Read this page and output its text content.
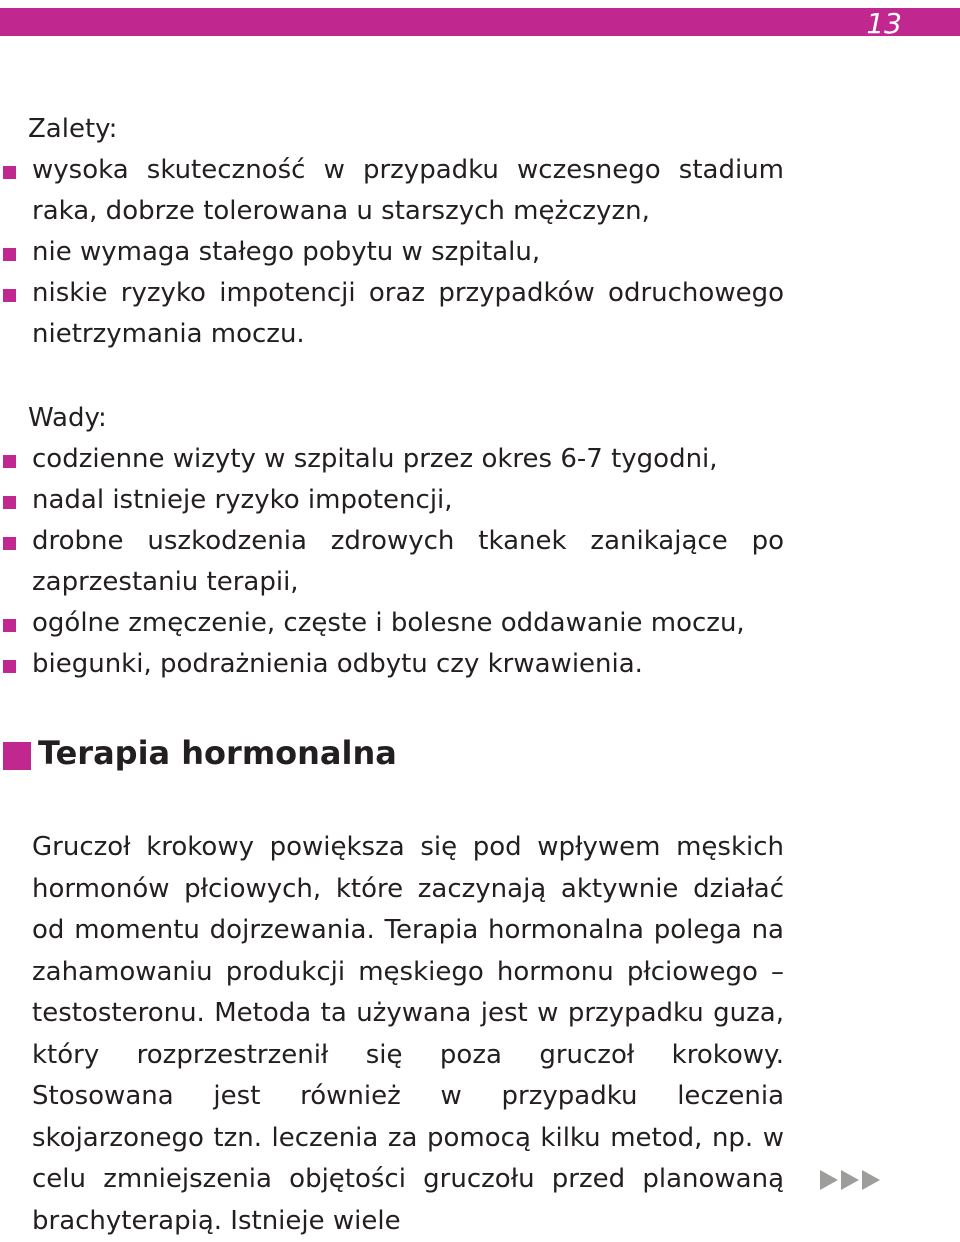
13
Zalety:
wysoka skuteczność w przypadku wczesnego stadium raka, dobrze tolerowana u starszych mężczyzn,
nie wymaga stałego pobytu w szpitalu,
niskie ryzyko impotencji oraz przypadków odruchowego nietrzymania moczu.
Wady:
codzienne wizyty w szpitalu przez okres 6-7 tygodni,
nadal istnieje ryzyko impotencji,
drobne uszkodzenia zdrowych tkanek zanikające po zaprzestaniu terapii,
ogólne zmęczenie, częste i bolesne oddawanie moczu,
biegunki, podrażnienia odbytu czy krwawienia.
Terapia hormonalna

Gruczoł krokowy powiększa się pod wpływem męskich hormonów płciowych, które zaczynają aktywnie działać od momentu dojrzewania. Terapia hormonalna polega na zahamowaniu produkcji męskiego hormonu płciowego – testosteronu. Metoda ta używana jest w przypadku guza, który rozprzestrzenił się poza gruczoł krokowy. Stosowana jest również w przypadku leczenia skojarzonego tzn. leczenia za pomocą kilku metod, np. w celu zmniejszenia objętości gruczołu przed planowaną brachyterapią. Istnieje wiele
